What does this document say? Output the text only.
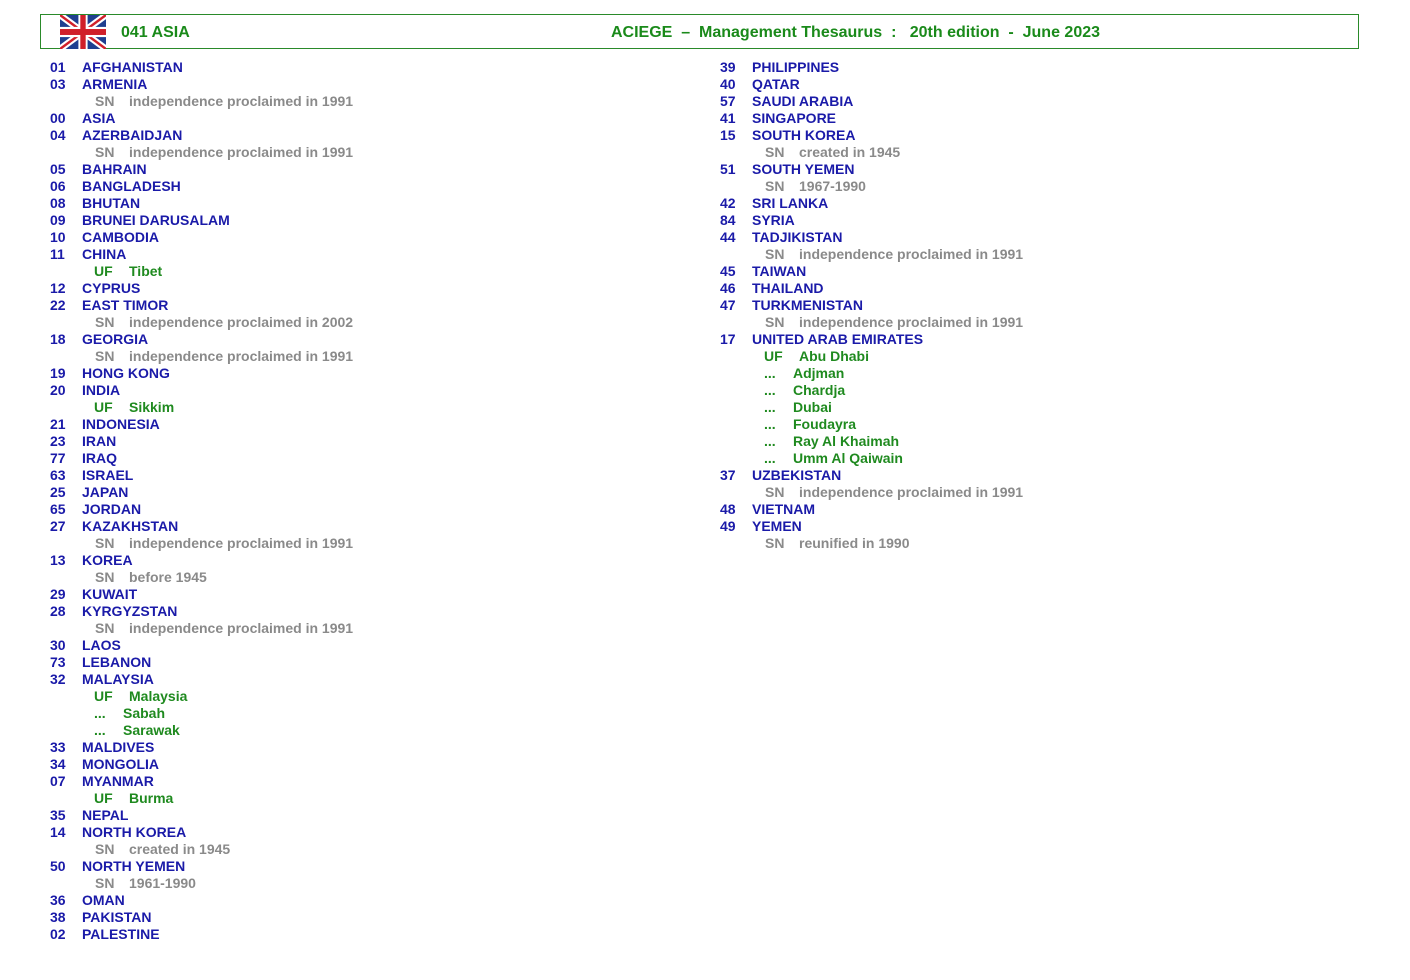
041 ASIA	ACIEGE  –  Management Thesaurus  :   20th edition  -  June 2023
01 AFGHANISTAN
03 ARMENIA
SN independence proclaimed in 1991
00 ASIA
04 AZERBAIDJAN
SN independence proclaimed in 1991
05 BAHRAIN
06 BANGLADESH
08 BHUTAN
09 BRUNEI DARUSALAM
10 CAMBODIA
11 CHINA
UF Tibet
12 CYPRUS
22 EAST TIMOR
SN independence proclaimed in 2002
18 GEORGIA
SN independence proclaimed in 1991
19 HONG KONG
20 INDIA
UF Sikkim
21 INDONESIA
23 IRAN
77 IRAQ
63 ISRAEL
25 JAPAN
65 JORDAN
27 KAZAKHSTAN
SN independence proclaimed in 1991
13 KOREA
SN before 1945
29 KUWAIT
28 KYRGYZSTAN
SN independence proclaimed in 1991
30 LAOS
73 LEBANON
32 MALAYSIA
UF Malaysia
... Sabah
... Sarawak
33 MALDIVES
34 MONGOLIA
07 MYANMAR
UF Burma
35 NEPAL
14 NORTH KOREA
SN created in 1945
50 NORTH YEMEN
SN 1961-1990
36 OMAN
38 PAKISTAN
02 PALESTINE
39 PHILIPPINES
40 QATAR
57 SAUDI ARABIA
41 SINGAPORE
15 SOUTH KOREA
SN created in 1945
51 SOUTH YEMEN
SN 1967-1990
42 SRI LANKA
84 SYRIA
44 TADJIKISTAN
SN independence proclaimed in 1991
45 TAIWAN
46 THAILAND
47 TURKMENISTAN
SN independence proclaimed in 1991
17 UNITED ARAB EMIRATES
UF Abu Dhabi
... Adjman
... Chardja
... Dubai
... Foudayra
... Ray Al Khaimah
... Umm Al Qaiwain
37 UZBEKISTAN
SN independence proclaimed in 1991
48 VIETNAM
49 YEMEN
SN reunified in 1990
